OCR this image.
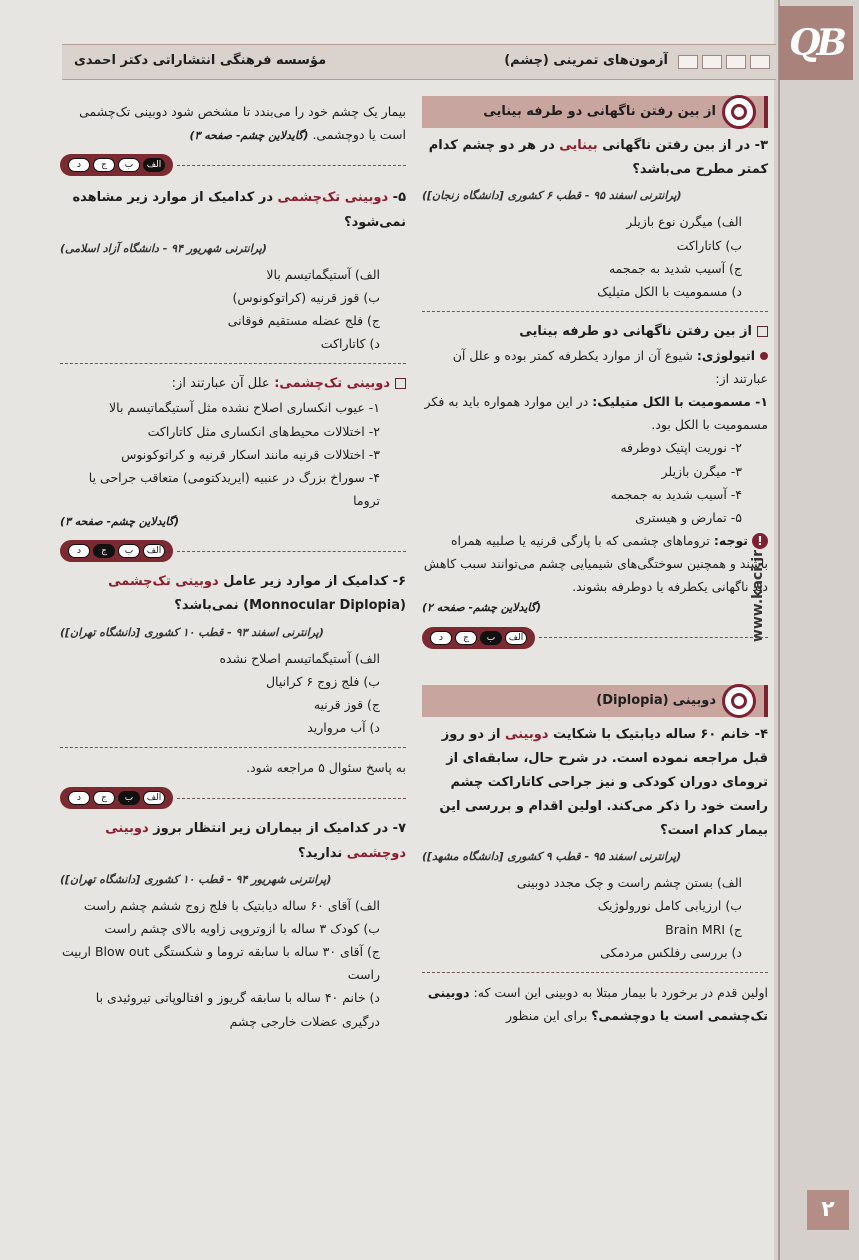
QB
www.kaci.ir
۲
آزمون‌های تمرینی (چشم)
مؤسسه فرهنگی انتشاراتی دکتر احمدی
از بین رفتن ناگهانی دو طرفه بینایی
۳- در از بین رفتن ناگهانی بینایی در هر دو چشم کدام کمتر مطرح می‌باشد؟
(پرانترنی اسفند ۹۵ - قطب ۶ کشوری [دانشگاه زنجان])
الف) میگرن نوع بازیلر
ب) کاتاراکت
ج) آسیب شدید به جمجمه
د) مسمومیت با الکل متیلیک
از بین رفتن ناگهانی دو طرفه بینایی
اتیولوژی: شیوع آن از موارد یکطرفه کمتر بوده و علل آن عبارتند از:
۱- مسمومیت با الکل متیلیک: در این موارد همواره باید به فکر مسمومیت با الکل بود.
۲- نوریت اپتیک دوطرفه
۳- میگرن بازیلر
۴- آسیب شدید به جمجمه
۵- تمارض و هیستری
!توجه: تروماهای چشمی که با پارگی قرنیه یا صلبیه همراه باشند و همچنین سوختگی‌های شیمیایی چشم می‌توانند سبب کاهش دید ناگهانی یکطرفه یا دوطرفه بشوند.
(گایدلاین چشم- صفحه ۲)
د	ج	ب	الف
دوبینی

(Diplopia)
۴- خانم ۶۰ ساله دیابتیک با شکایت دوبینی از دو روز قبل مراجعه نموده است. در شرح حال، سابقه‌ای از ترومای دوران کودکی و نیز جراحی کاتاراکت چشم راست خود را ذکر می‌کند. اولین اقدام و بررسی این بیمار کدام است؟
(پرانترنی اسفند ۹۵ - قطب ۹ کشوری [دانشگاه مشهد])
الف) بستن چشم راست و چک مجدد دوبینی
ب) ارزیابی کامل نورولوژیک
ج) Brain MRI
د) بررسی رفلکس مردمکی
اولین قدم در برخورد با بیمار مبتلا به دوبینی این است که: دوبینی تک‌چشمی است یا دوچشمی؟ برای این منظور
بیمار یک چشم خود را می‌بندد تا مشخص شود دوبینی تک‌چشمی است یا دوچشمی. (گایدلاین چشم- صفحه ۳)
د	ج	ب	الف
۵- دوبینی تک‌چشمی در کدامیک از موارد زیر مشاهده نمی‌شود؟
(پرانترنی شهریور ۹۴ - دانشگاه آزاد اسلامی)
الف) آستیگماتیسم بالا
ب) قوز قرنیه (کراتوکونوس)
ج) فلج عضله مستقیم فوقانی
د) کاتاراکت
دوبینی تک‌چشمی: علل آن عبارتند از:
۱- عیوب انکساری اصلاح نشده مثل آستیگماتیسم بالا
۲- اختلالات محیط‌های انکساری مثل کاتاراکت
۳- اختلالات قرنیه مانند اسکار قرنیه و کراتوکونوس
۴- سوراخ بزرگ در عنبیه (ایریدکتومی) متعاقب جراحی یا تروما
(گایدلاین چشم- صفحه ۳)
د	ج	ب	الف
۶- کدامیک از موارد زیر عامل دوبینی تک‌چشمی (Monnocular Diplopia) نمی‌باشد؟
(پرانترنی اسفند ۹۳ - قطب ۱۰ کشوری [دانشگاه تهران])
الف) آستیگماتیسم اصلاح نشده
ب) فلج زوج ۶ کرانیال
ج) قوز قرنیه
د) آب مروارید
به پاسخ سئوال ۵ مراجعه شود.
د	ج	ب	الف
۷- در کدامیک از بیماران زیر انتظار بروز دوبینی دوچشمی ندارید؟
(پرانترنی شهریور ۹۴ - قطب ۱۰ کشوری [دانشگاه تهران])
الف) آقای ۶۰ ساله دیابتیک با فلج زوج ششم چشم راست
ب) کودک ۳ ساله با ازوتروپی زاویه بالای چشم راست
ج) آقای ۳۰ ساله با سابقه تروما و شکستگی Blow out اربیت راست
د) خانم ۴۰ ساله با سابقه گریوز و افتالوپاتی تیروئیدی با درگیری عضلات خارجی چشم
